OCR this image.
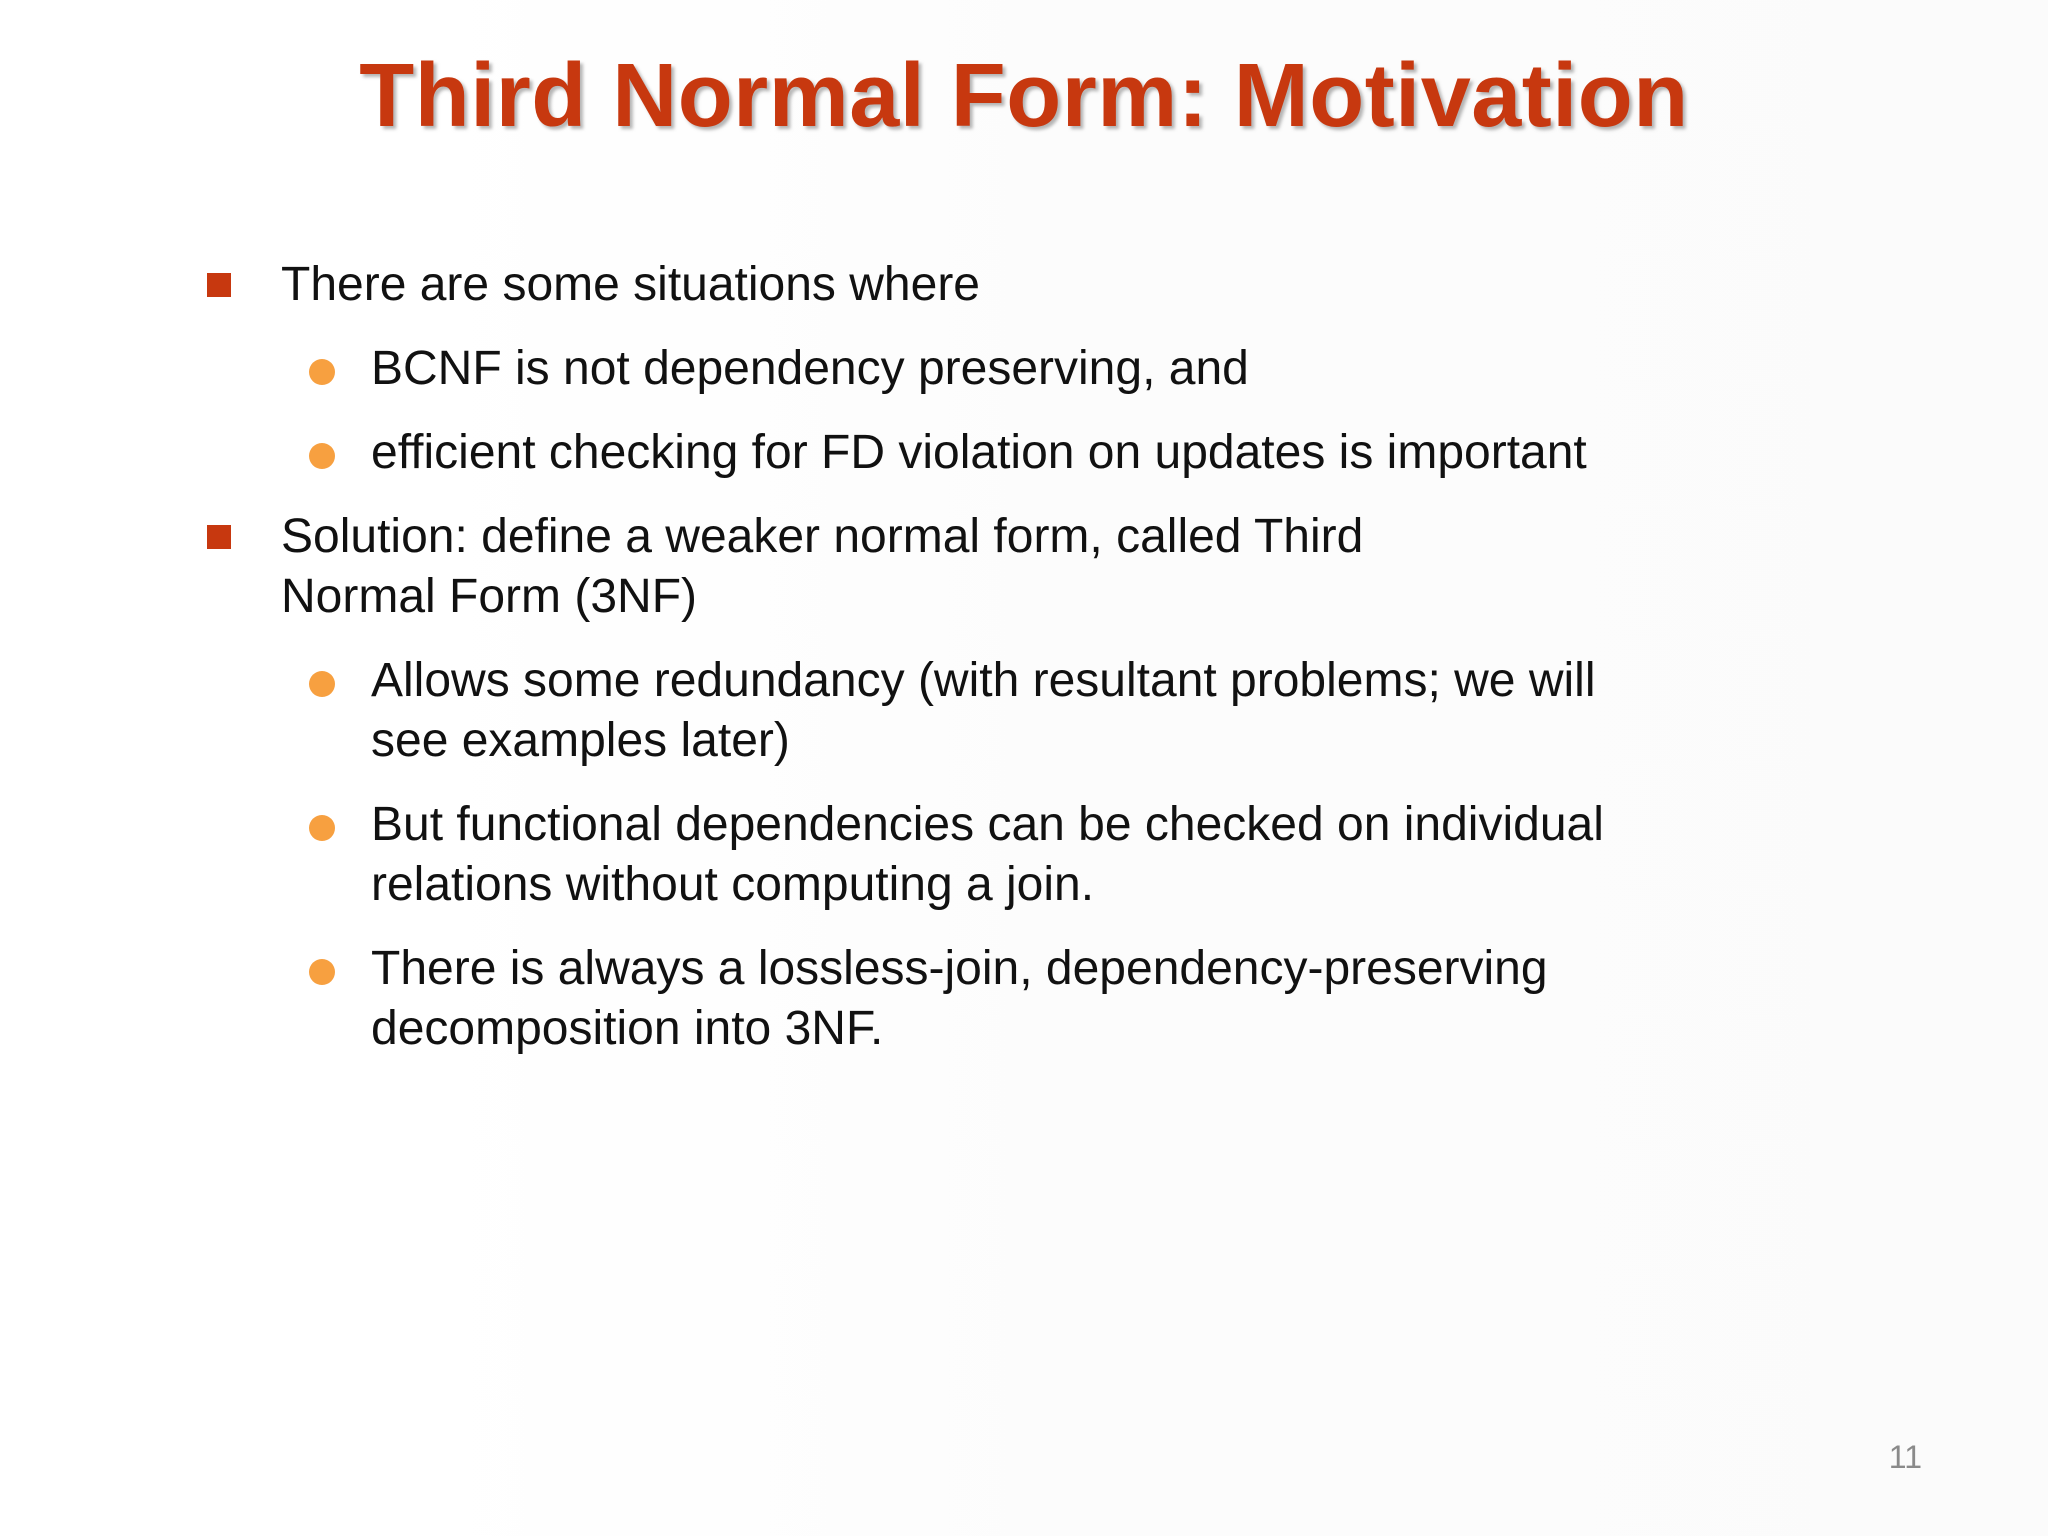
Third Normal Form: Motivation
There are some situations where
BCNF is not dependency preserving, and
efficient checking for FD violation on updates is important
Solution: define a weaker normal form, called Third
Normal Form (3NF)
Allows some redundancy (with resultant problems; we will
see examples later)
But functional dependencies can be checked on individual
relations without computing a join.
There is always a lossless-join, dependency-preserving
decomposition into 3NF.
11
